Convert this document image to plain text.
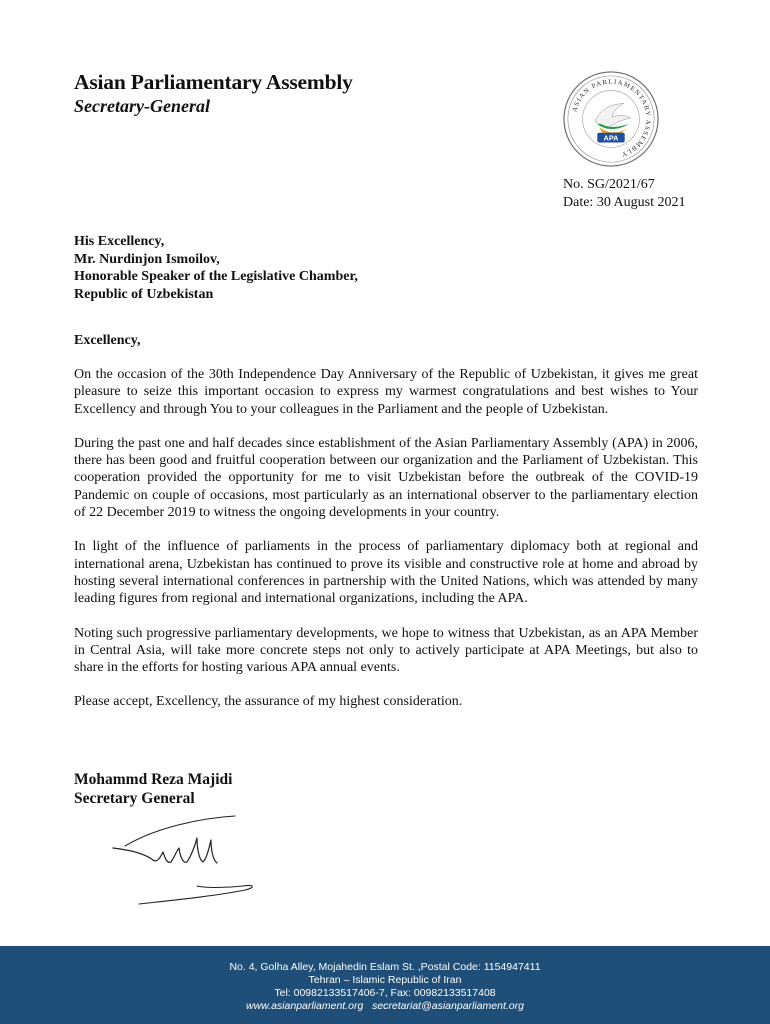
Asian Parliamentary Assembly
Secretary-General	ASIAN PARLIAMENTARY ASSEMBLY
APA
No. SG/2021/67
Date: 30 August 2021
His Excellency,
Mr. Nurdinjon Ismoilov,
Honorable Speaker of the Legislative Chamber,
Republic of Uzbekistan
Excellency,

On the occasion of the 30th Independence Day Anniversary of the Republic of Uzbekistan, it gives me great pleasure to seize this important occasion to express my warmest congratulations and best wishes to Your Excellency and through You to your colleagues in the Parliament and the people of Uzbekistan.

During the past one and half decades since establishment of the Asian Parliamentary Assembly (APA) in 2006, there has been good and fruitful cooperation between our organization and the Parliament of Uzbekistan. This cooperation provided the opportunity for me to visit Uzbekistan before the outbreak of the COVID-19 Pandemic on couple of occasions, most particularly as an international observer to the parliamentary election of 22 December 2019 to witness the ongoing developments in your country.

In light of the influence of parliaments in the process of parliamentary diplomacy both at regional and international arena, Uzbekistan has continued to prove its visible and constructive role at home and abroad by hosting several international conferences in partnership with the United Nations, which was attended by many leading figures from regional and international organizations, including the APA.

Noting such progressive parliamentary developments, we hope to witness that Uzbekistan, as an APA Member in Central Asia, will take more concrete steps not only to actively participate at APA Meetings, but also to share in the efforts for hosting various APA annual events.

Please accept, Excellency, the assurance of my highest consideration.

Mohammd Reza Majidi
Secretary General
No. 4, Golha Alley, Mojahedin Eslam St. ,Postal Code: 1154947411
Tehran – Islamic Republic of Iran
Tel: 00982133517406-7, Fax: 00982133517408
www.asianparliament.org secretariat@asianparliament.org
